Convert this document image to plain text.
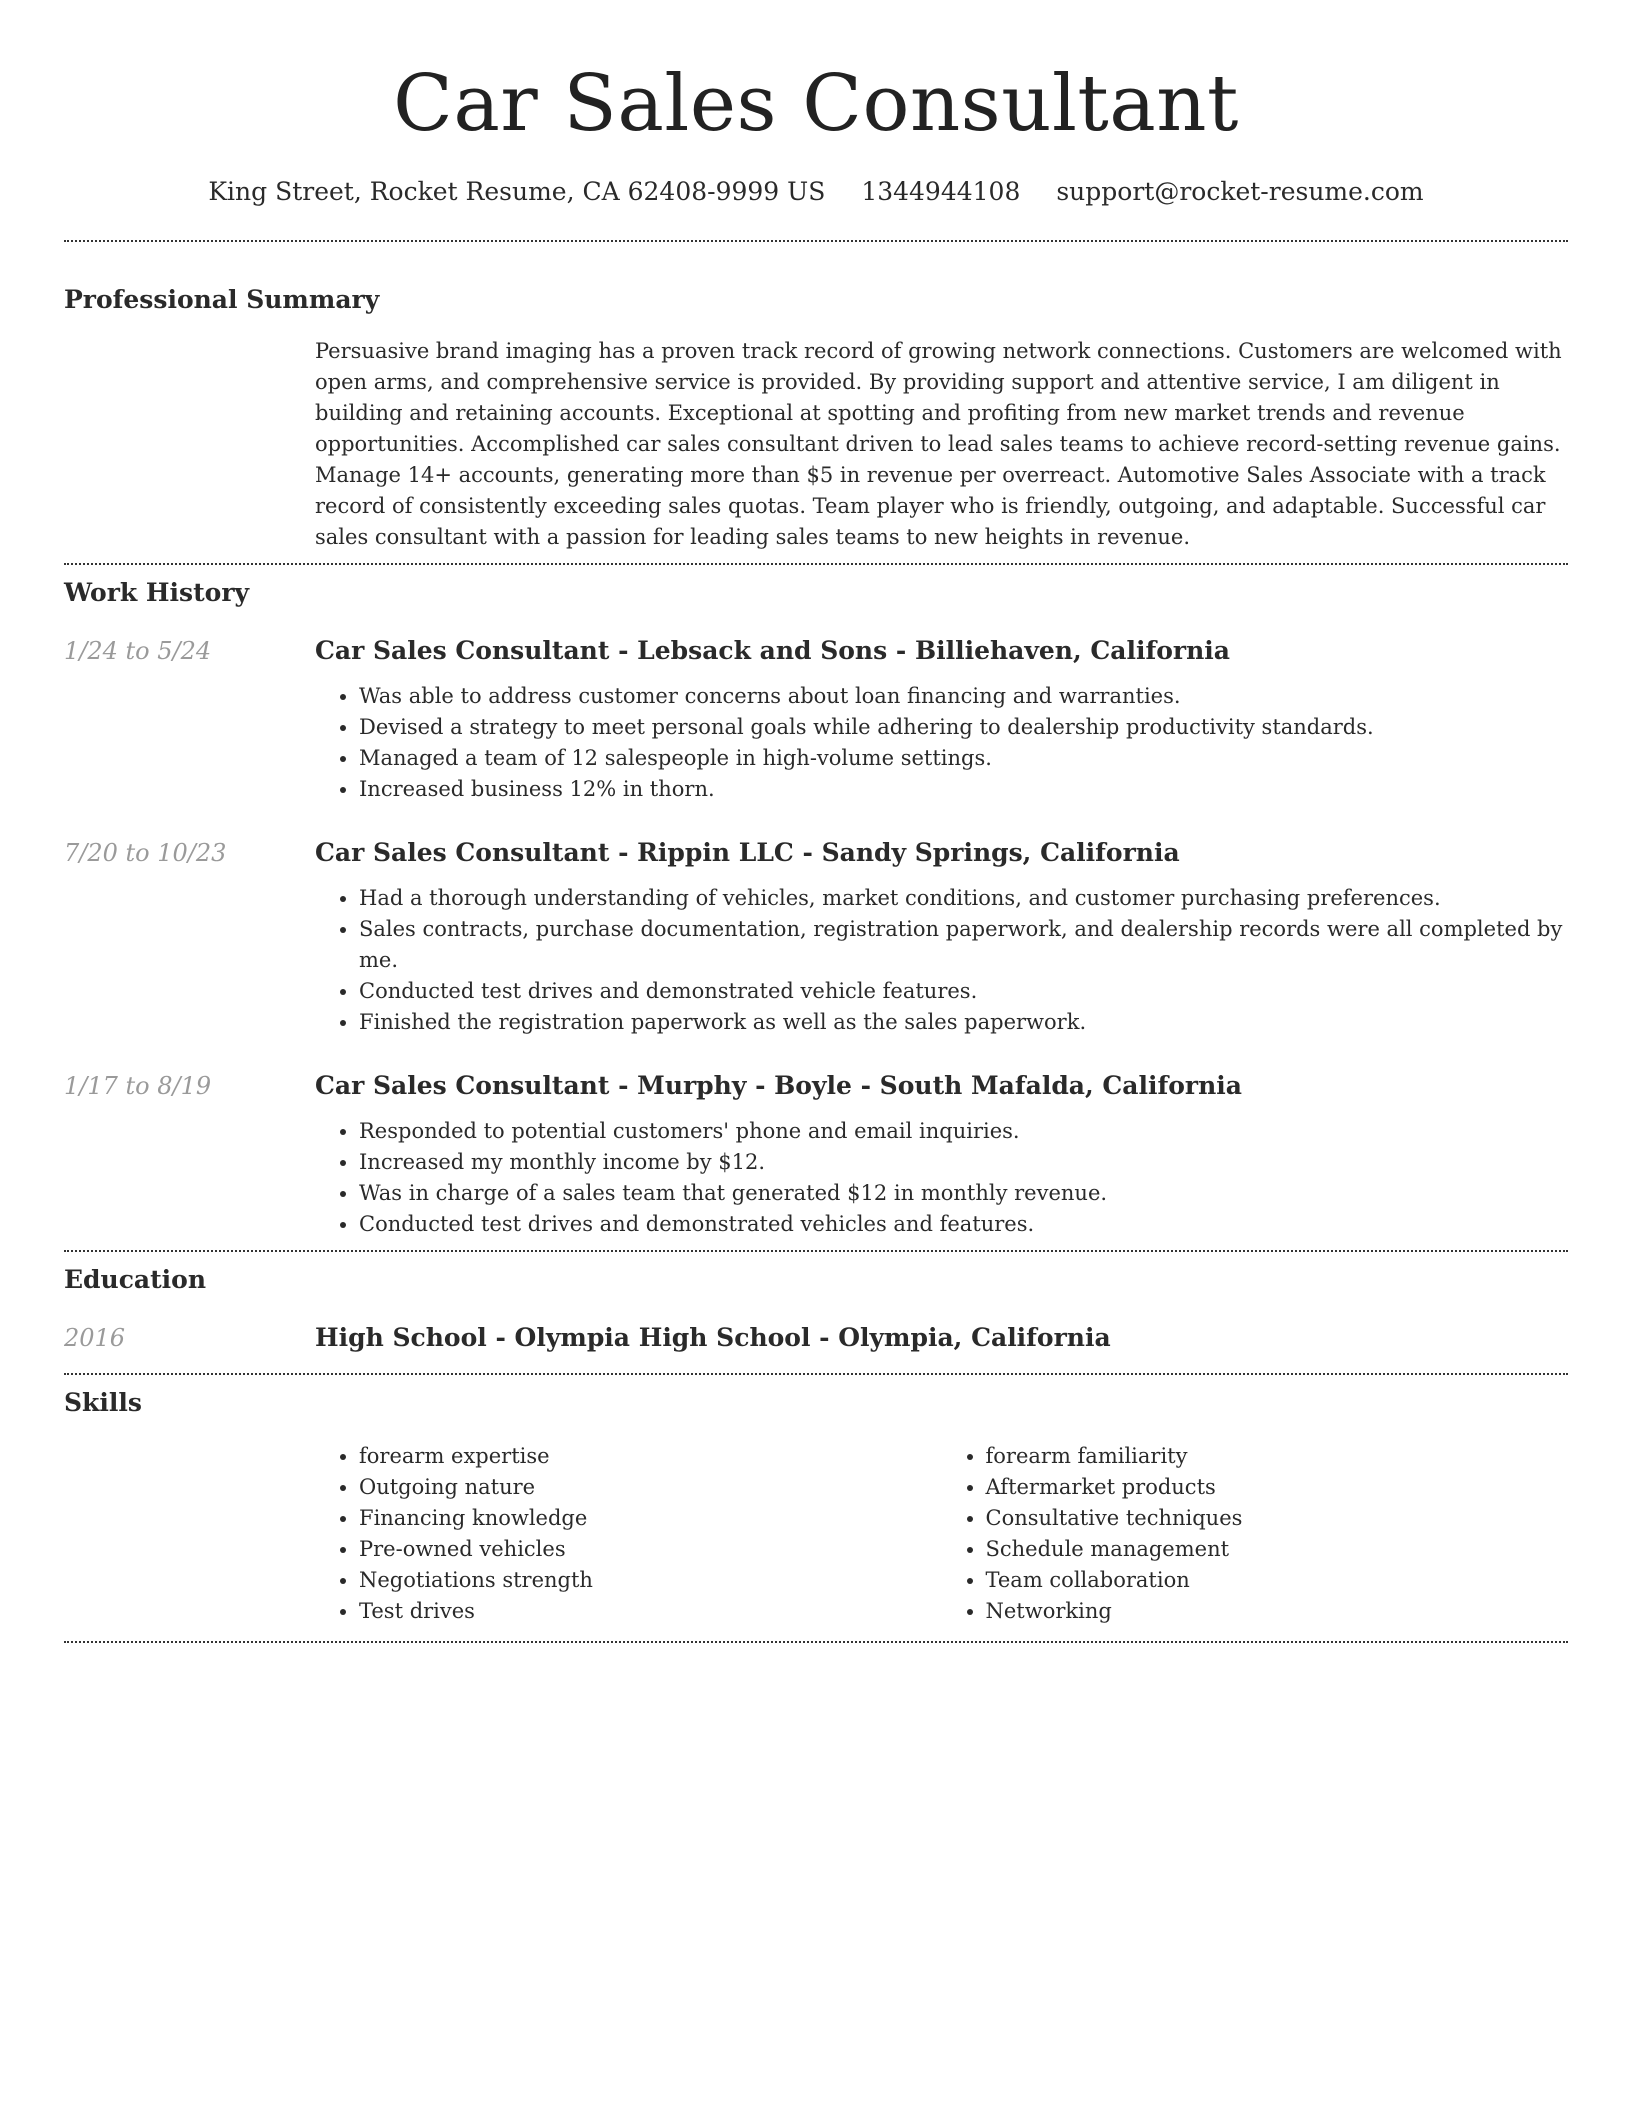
Car Sales Consultant
King Street, Rocket Resume, CA 62408-9999 US 1344944108 support@rocket-resume.com
Professional Summary

Persuasive brand imaging has a proven track record of growing network connections. Customers are welcomed with open arms, and comprehensive service is provided. By providing support and attentive service, I am diligent in building and retaining accounts. Exceptional at spotting and profiting from new market trends and revenue opportunities. Accomplished car sales consultant driven to lead sales teams to achieve record-setting revenue gains. Manage 14+ accounts, generating more than $5 in revenue per overreact. Automotive Sales Associate with a track record of consistently exceeding sales quotas. Team player who is friendly, outgoing, and adaptable. Successful car sales consultant with a passion for leading sales teams to new heights in revenue.

Work History
1/24 to 5/24	Car Sales Consultant - Lebsack and Sons - Billiehaven, California
• Was able to address customer concerns about loan financing and warranties.
• Devised a strategy to meet personal goals while adhering to dealership productivity standards.
• Managed a team of 12 salespeople in high-volume settings.
• Increased business 12% in thorn.
7/20 to 10/23	Car Sales Consultant - Rippin LLC - Sandy Springs, California
• Had a thorough understanding of vehicles, market conditions, and customer purchasing preferences.
• Sales contracts, purchase documentation, registration paperwork, and dealership records were all completed by me.
• Conducted test drives and demonstrated vehicle features.
• Finished the registration paperwork as well as the sales paperwork.
1/17 to 8/19	Car Sales Consultant - Murphy - Boyle - South Mafalda, California
• Responded to potential customers' phone and email inquiries.
• Increased my monthly income by $12.
• Was in charge of a sales team that generated $12 in monthly revenue.
• Conducted test drives and demonstrated vehicles and features.
Education
2016	High School - Olympia High School - Olympia, California
Skills
• forearm expertise
• Outgoing nature
• Financing knowledge
• Pre-owned vehicles
• Negotiations strength
• Test drives
• forearm familiarity
• Aftermarket products
• Consultative techniques
• Schedule management
• Team collaboration
• Networking
